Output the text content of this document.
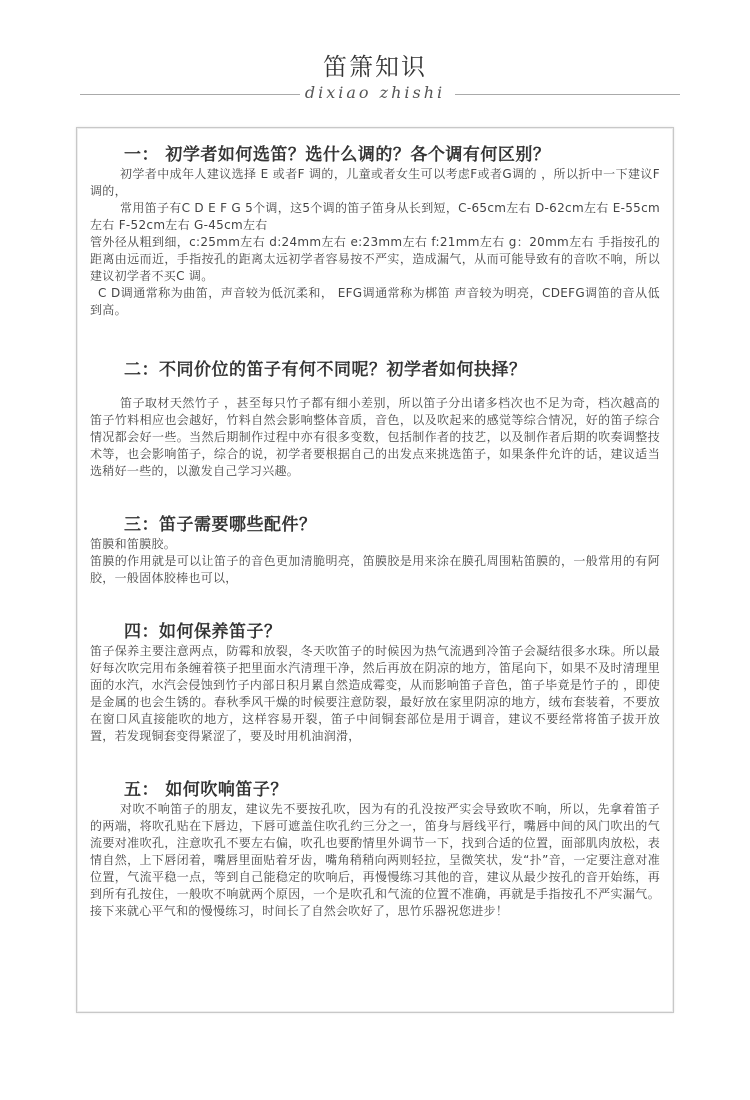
笛箫知识
dixiao zhishi
一： 初学者如何选笛？选什么调的？各个调有何区别？

初学者中成年人建议选择 E 或者F 调的，儿童或者女生可以考虑F或者G调的 ，所以折中一下建议F调的，

常用笛子有C D E F G 5个调，这5个调的笛子笛身从长到短，C-65cm左右 D-62cm左右 E-55cm左右 F-52cm左右 G-45cm左右

管外径从粗到细，c:25mm左右 d:24mm左右 e:23mm左右 f:21mm左右 g：20mm左右 手指按孔的距离由远而近，手指按孔的距离太远初学者容易按不严实，造成漏气，从而可能导致有的音吹不响，所以建议初学者不买C 调。

C D调通常称为曲笛，声音较为低沉柔和， EFG调通常称为梆笛 声音较为明亮，CDEFG调笛的音从低到高。

二：不同价位的笛子有何不同呢？初学者如何抉择？

笛子取材天然竹子 ，甚至每只竹子都有细小差别，所以笛子分出诸多档次也不足为奇，档次越高的笛子竹料相应也会越好，竹料自然会影响整体音质，音色，以及吹起来的感觉等综合情况，好的笛子综合情况都会好一些。当然后期制作过程中亦有很多变数，包括制作者的技艺，以及制作者后期的吹奏调整技术等，也会影响笛子，综合的说，初学者要根据自己的出发点来挑选笛子，如果条件允许的话，建议适当选稍好一些的，以激发自己学习兴趣。

三：笛子需要哪些配件？

笛膜和笛膜胶。

笛膜的作用就是可以让笛子的音色更加清脆明亮，笛膜胶是用来涂在膜孔周围粘笛膜的，一般常用的有阿胶，一般固体胶棒也可以，

四：如何保养笛子？

笛子保养主要注意两点，防霉和放裂，冬天吹笛子的时候因为热气流遇到冷笛子会凝结很多水珠。所以最好每次吹完用布条缠着筷子把里面水汽清理干净，然后再放在阴凉的地方，笛尾向下，如果不及时清理里面的水汽，水汽会侵蚀到竹子内部日积月累自然造成霉变，从而影响笛子音色，笛子毕竟是竹子的 ，即使是金属的也会生锈的。春秋季风干燥的时候要注意防裂，最好放在家里阴凉的地方，绒布套装着，不要放在窗口风直接能吹的地方，这样容易开裂，笛子中间铜套部位是用于调音，建议不要经常将笛子拔开放置，若发现铜套变得紧涩了，要及时用机油润滑，

五： 如何吹响笛子？

对吹不响笛子的朋友，建议先不要按孔吹，因为有的孔没按严实会导致吹不响，所以，先拿着笛子的两端，将吹孔贴在下唇边，下唇可遮盖住吹孔约三分之一，笛身与唇线平行，嘴唇中间的风门吹出的气流要对准吹孔，注意吹孔不要左右偏，吹孔也要酌情里外调节一下，找到合适的位置，面部肌肉放松，表情自然，上下唇闭着，嘴唇里面贴着牙齿，嘴角稍稍向两则轻拉，呈微笑状，发“扑”音，一定要注意对准位置，气流平稳一点，等到自己能稳定的吹响后，再慢慢练习其他的音，建议从最少按孔的音开始练，再到所有孔按住，一般吹不响就两个原因，一个是吹孔和气流的位置不准确，再就是手指按孔不严实漏气。接下来就心平气和的慢慢练习，时间长了自然会吹好了，思竹乐器祝您进步！
